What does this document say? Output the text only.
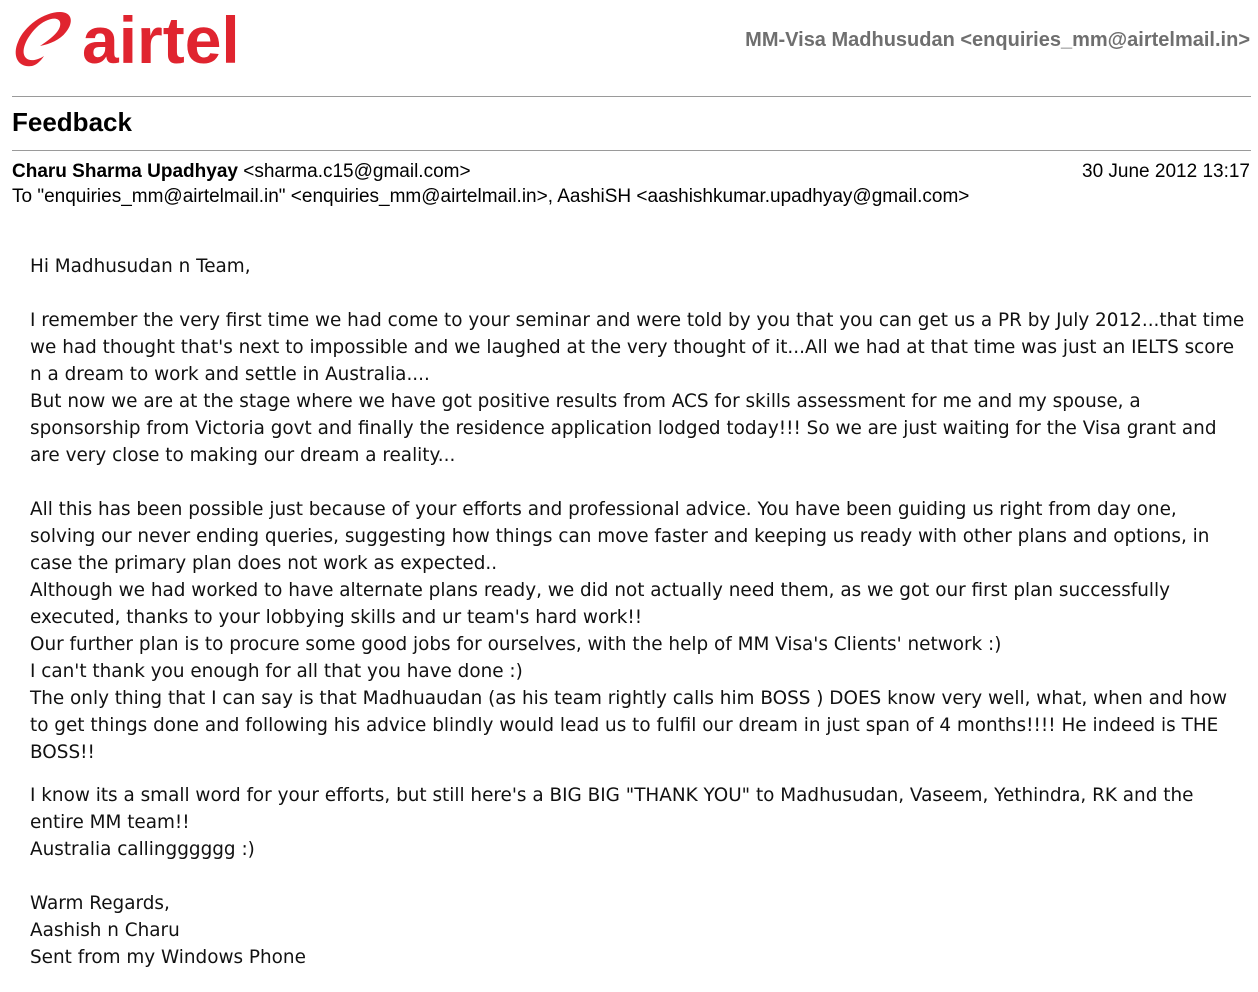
airtel	MM-Visa Madhusudan <enquiries_mm@airtelmail.in>
Feedback
Charu Sharma Upadhyay <sharma.c15@gmail.com>	30 June 2012 13:17
To "enquiries_mm@airtelmail.in" <enquiries_mm@airtelmail.in>, AashiSH <aashishkumar.upadhyay@gmail.com>

Hi Madhusudan n Team,

I remember the very first time we had come to your seminar and were told by you that you can get us a PR by July 2012...that time we had thought that's next to impossible and we laughed at the very thought of it...All we had at that time was just an IELTS score n a dream to work and settle in Australia....

But now we are at the stage where we have got positive results from ACS for skills assessment for me and my spouse, a sponsorship from Victoria govt and finally the residence application lodged today!!! So we are just waiting for the Visa grant and are very close to making our dream a reality...

All this has been possible just because of your efforts and professional advice. You have been guiding us right from day one, solving our never ending queries, suggesting how things can move faster and keeping us ready with other plans and options, in case the primary plan does not work as expected..

Although we had worked to have alternate plans ready, we did not actually need them, as we got our first plan successfully executed, thanks to your lobbying skills and ur team's hard work!!

Our further plan is to procure some good jobs for ourselves, with the help of MM Visa's Clients' network :)

I can't thank you enough for all that you have done :)

The only thing that I can say is that Madhuaudan (as his team rightly calls him BOSS ) DOES know very well, what, when and how to get things done and following his advice blindly would lead us to fulfil our dream in just span of 4 months!!!! He indeed is THE BOSS!!

I know its a small word for your efforts, but still here's a BIG BIG "THANK YOU" to Madhusudan, Vaseem, Yethindra, RK and the entire MM team!!

Australia callingggggg :)

Warm Regards,

Aashish n Charu

Sent from my Windows Phone
